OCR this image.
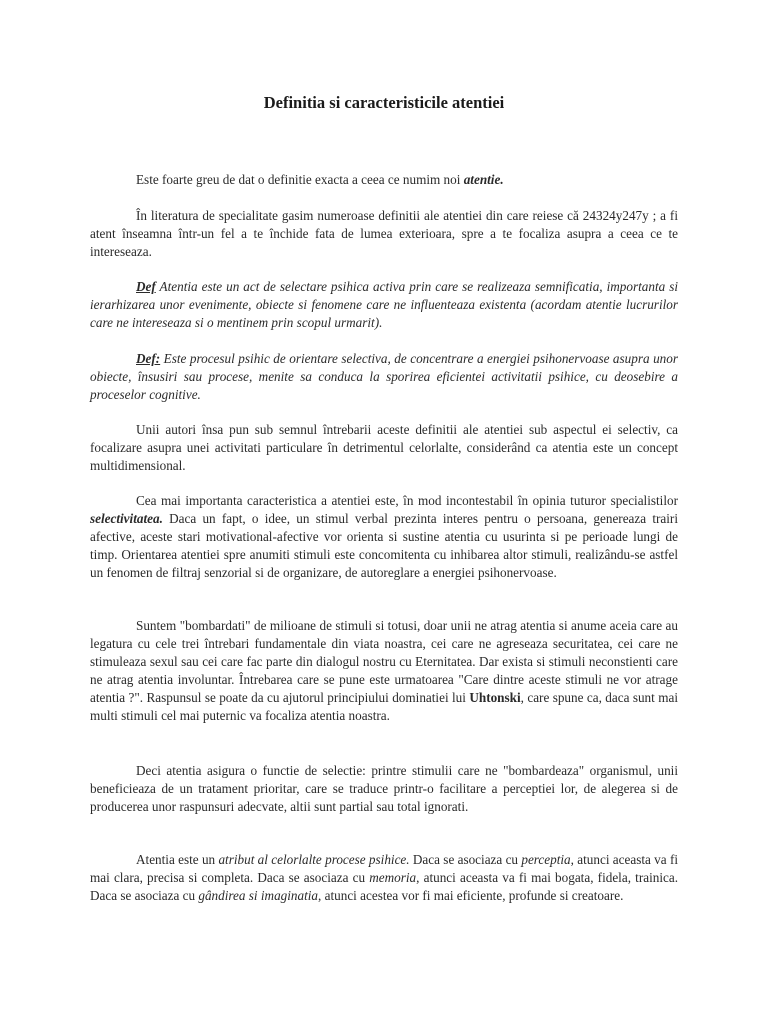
Definitia si caracteristicile atentiei

Este foarte greu de dat o definitie exacta a ceea ce numim noi atentie.

În literatura de specialitate gasim numeroase definitii ale atentiei din care reiese că 24324y247y ; a fi atent înseamna într-un fel a te închide fata de lumea exterioara, spre a te focaliza asupra a ceea ce te intereseaza.

Def Atentia este un act de selectare psihica activa prin care se realizeaza semnificatia, importanta si ierarhizarea unor evenimente, obiecte si fenomene care ne influenteaza existenta (acordam atentie lucrurilor care ne intereseaza si o mentinem prin scopul urmarit).

Def: Este procesul psihic de orientare selectiva, de concentrare a energiei psihonervoase asupra unor obiecte, însusiri sau procese, menite sa conduca la sporirea eficientei activitatii psihice, cu deosebire a proceselor cognitive.

Unii autori însa pun sub semnul întrebarii aceste definitii ale atentiei sub aspectul ei selectiv, ca focalizare asupra unei activitati particulare în detrimentul celorlalte, considerând ca atentia este un concept multidimensional.

Cea mai importanta caracteristica a atentiei este, în mod incontestabil în opinia tuturor specialistilor selectivitatea. Daca un fapt, o idee, un stimul verbal prezinta interes pentru o persoana, genereaza trairi afective, aceste stari motivational-afective vor orienta si sustine atentia cu usurinta si pe perioade lungi de timp. Orientarea atentiei spre anumiti stimuli este concomitenta cu inhibarea altor stimuli, realizându-se astfel un fenomen de filtraj senzorial si de organizare, de autoreglare a energiei psihonervoase.

Suntem "bombardati" de milioane de stimuli si totusi, doar unii ne atrag atentia si anume aceia care au legatura cu cele trei întrebari fundamentale din viata noastra, cei care ne agreseaza securitatea, cei care ne stimuleaza sexul sau cei care fac parte din dialogul nostru cu Eternitatea. Dar exista si stimuli neconstienti care ne atrag atentia involuntar. Întrebarea care se pune este urmatoarea "Care dintre aceste stimuli ne vor atrage atentia ?". Raspunsul se poate da cu ajutorul principiului dominatiei lui Uhtonski, care spune ca, daca sunt mai multi stimuli cel mai puternic va focaliza atentia noastra.

Deci atentia asigura o functie de selectie: printre stimulii care ne "bombardeaza" organismul, unii beneficieaza de un tratament prioritar, care se traduce printr-o facilitare a perceptiei lor, de alegerea si de producerea unor raspunsuri adecvate, altii sunt partial sau total ignorati.

Atentia este un atribut al celorlalte procese psihice. Daca se asociaza cu perceptia, atunci aceasta va fi mai clara, precisa si completa. Daca se asociaza cu memoria, atunci aceasta va fi mai bogata, fidela, trainica. Daca se asociaza cu gândirea si imaginatia, atunci acestea vor fi mai eficiente, profunde si creatoare.
